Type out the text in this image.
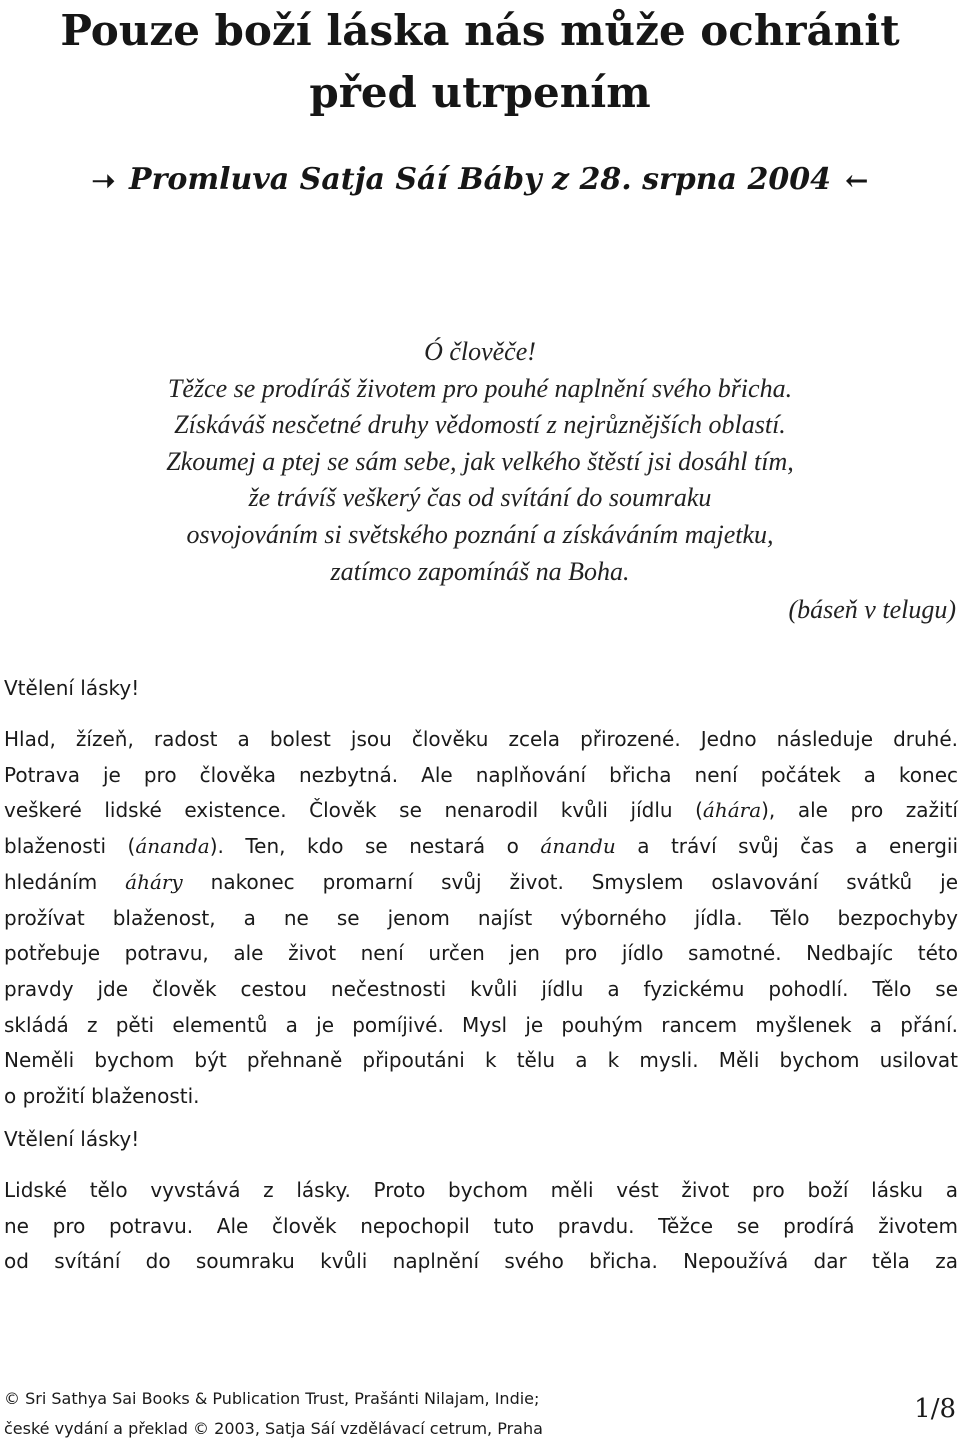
Pouze boží láska nás může ochránit
před utrpením
➝ Promluva Satja Sáí Báby z 28. srpna 2004 ←
Ó člověče!
Těžce se prodíráš životem pro pouhé naplnění svého břicha.
Získáváš nesčetné druhy vědomostí z nejrůznějších oblastí.
Zkoumej a ptej se sám sebe, jak velkého štěstí jsi dosáhl tím,
že trávíš veškerý čas od svítání do soumraku
osvojováním si světského poznání a získáváním majetku,
zatímco zapomínáš na Boha.
(báseň v telugu)
Vtělení lásky!
Hlad, žízeň, radost a bolest jsou člověku zcela přirozené. Jedno následuje druhé.
Potrava je pro člověka nezbytná. Ale naplňování břicha není počátek a konec
veškeré lidské existence. Člověk se nenarodil kvůli jídlu (áhára), ale pro zažití
blaženosti (ánanda). Ten, kdo se nestará o ánandu a tráví svůj čas a energii
hledáním áháry nakonec promarní svůj život. Smyslem oslavování svátků je
prožívat blaženost, a ne se jenom najíst výborného jídla. Tělo bezpochyby
potřebuje potravu, ale život není určen jen pro jídlo samotné. Nedbajíc této
pravdy jde člověk cestou nečestnosti kvůli jídlu a fyzickému pohodlí. Tělo se
skládá z pěti elementů a je pomíjivé. Mysl je pouhým rancem myšlenek a přání.
Neměli bychom být přehnaně připoutáni k tělu a k mysli. Měli bychom usilovat
o prožití blaženosti.
Vtělení lásky!
Lidské tělo vyvstává z lásky. Proto bychom měli vést život pro boží lásku a
ne pro potravu. Ale člověk nepochopil tuto pravdu. Těžce se prodírá životem
od svítání do soumraku kvůli naplnění svého břicha. Nepoužívá dar těla za
© Sri Sathya Sai Books & Publication Trust, Prašánti Nilajam, Indie;
české vydání a překlad © 2003, Satja Sáí vzdělávací cetrum, Praha
1/8
